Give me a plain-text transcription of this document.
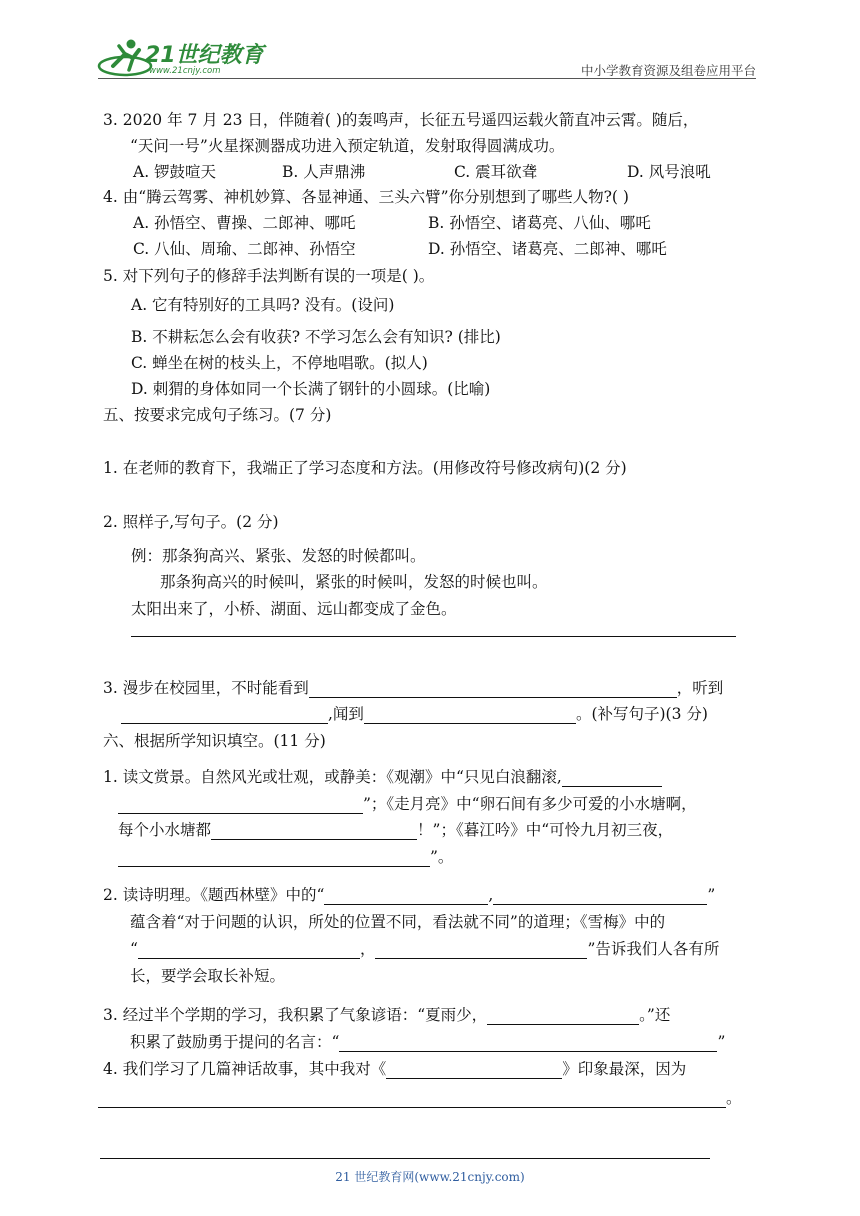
21世纪教育
www.21cnjy.com	中小学教育资源及组卷应用平台
3. 2020 年 7 月 23 日，伴随着( )的轰鸣声，长征五号遥四运载火箭直冲云霄。随后，
“天问一号”火星探测器成功进入预定轨道，发射取得圆满成功。
A. 锣鼓喧天	B. 人声鼎沸	C. 震耳欲聋	D. 风号浪吼
4. 由“腾云驾雾、神机妙算、各显神通、三头六臂”你分别想到了哪些人物?( )
A. 孙悟空、曹操、二郎神、哪吒	B. 孙悟空、诸葛亮、八仙、哪吒
C. 八仙、周瑜、二郎神、孙悟空	D. 孙悟空、诸葛亮、二郎神、哪吒
5. 对下列句子的修辞手法判断有误的一项是( )。
A. 它有特别好的工具吗? 没有。(设问)
B. 不耕耘怎么会有收获? 不学习怎么会有知识? (排比)
C. 蝉坐在树的枝头上，不停地唱歌。(拟人)
D. 刺猬的身体如同一个长满了钢针的小圆球。(比喻)
五、按要求完成句子练习。(7 分)
1. 在老师的教育下，我端正了学习态度和方法。(用修改符号修改病句)(2 分)
2. 照样子,写句子。(2 分)
例：那条狗高兴、紧张、发怒的时候都叫。
那条狗高兴的时候叫，紧张的时候叫，发怒的时候也叫。
太阳出来了，小桥、湖面、远山都变成了金色。
3. 漫步在校园里，不时能看到	，听到
,闻到	。(补写句子)(3 分)
六、根据所学知识填空。(11 分)
1. 读文赏景。自然风光或壮观，或静美：《观潮》中“只见白浪翻滚,
”；《走月亮》中“卵石间有多少可爱的小水塘啊，
每个小水塘都	！”；《暮江吟》中“可怜九月初三夜，
”。
2. 读诗明理。《题西林壁》中的“	,	”
蕴含着“对于问题的认识，所处的位置不同，看法就不同”的道理；《雪梅》中的
“	，	”告诉我们人各有所
长，要学会取长补短。
3. 经过半个学期的学习，我积累了气象谚语：“夏雨少，	。”还
积累了鼓励勇于提问的名言：“	”
4. 我们学习了几篇神话故事，其中我对《	》印象最深，因为
。
21 世纪教育网(www.21cnjy.com)
